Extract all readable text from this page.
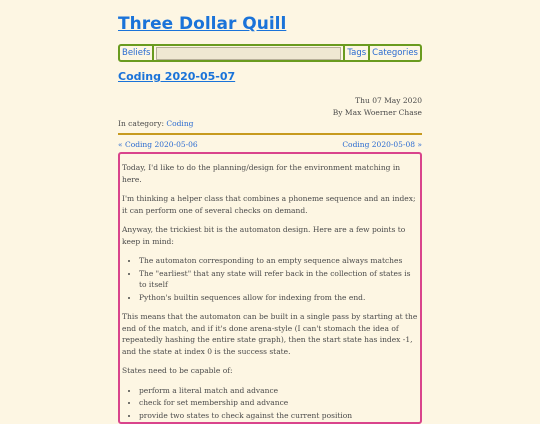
Three Dollar Quill
Beliefs	Tags Categories
Coding 2020-05-07
Thu 07 May 2020
By Max Woerner Chase
In category: Coding
« Coding 2020-05-06	Coding 2020-05-08 »

Today, I'd like to do the planning/design for the environment matching in here.

I'm thinking a helper class that combines a phoneme sequence and an index; it can perform one of several checks on demand.

Anyway, the trickiest bit is the automaton design. Here are a few points to keep in mind:

• The automaton corresponding to an empty sequence always matches
• The "earliest" that any state will refer back in the collection of states is to itself
• Python's builtin sequences allow for indexing from the end.

This means that the automaton can be built in a single pass by starting at the end of the match, and if it's done arena-style (I can't stomach the idea of repeatedly hashing the entire state graph), then the start state has index -1, and the state at index 0 is the success state.

States need to be capable of:

• perform a literal match and advance
• check for set membership and advance
• provide two states to check against the current position
